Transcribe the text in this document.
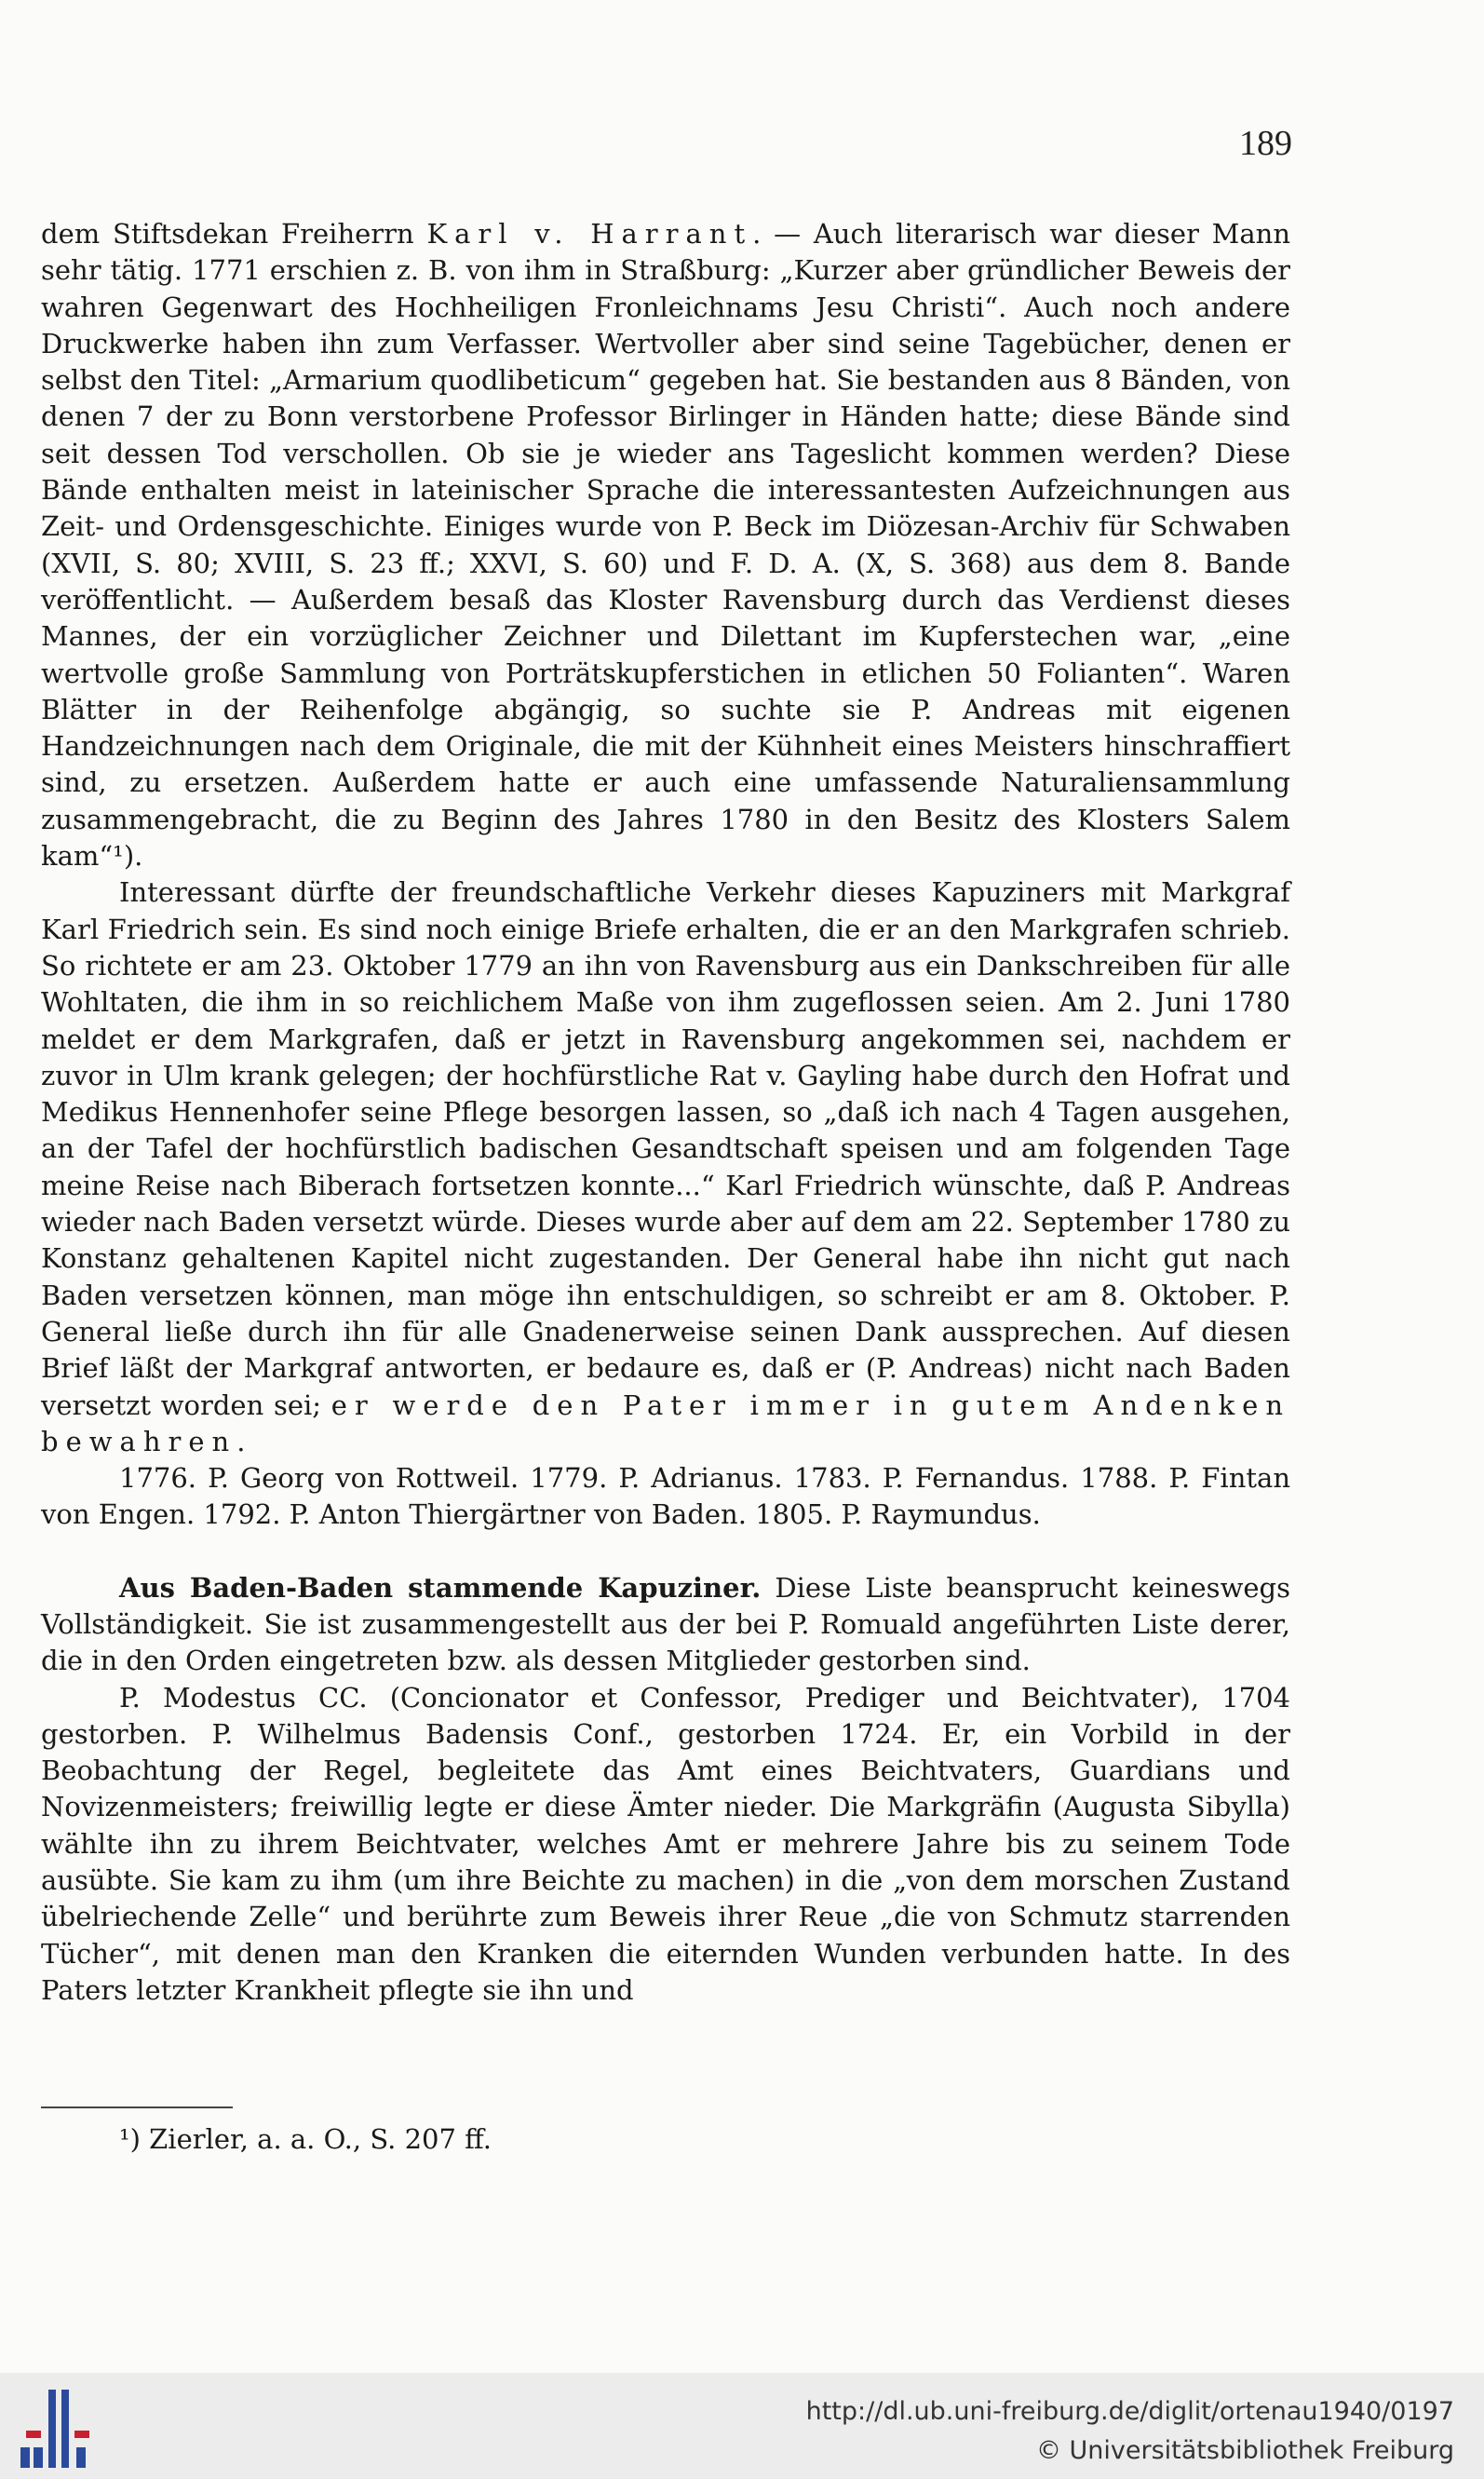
189

dem Stiftsdekan Freiherrn Karl v. Harrant. — Auch literarisch war dieser Mann sehr tätig. 1771 erschien z. B. von ihm in Straßburg: „Kurzer aber gründlicher Beweis der wahren Gegenwart des Hochheiligen Fronleichnams Jesu Christi“. Auch noch andere Druckwerke haben ihn zum Verfasser. Wertvoller aber sind seine Tagebücher, denen er selbst den Titel: „Armarium quodlibeticum“ gegeben hat. Sie bestanden aus 8 Bänden, von denen 7 der zu Bonn verstorbene Professor Birlinger in Händen hatte; diese Bände sind seit dessen Tod verschollen. Ob sie je wieder ans Tageslicht kommen werden? Diese Bände enthalten meist in lateinischer Sprache die interessantesten Aufzeichnungen aus Zeit- und Ordensgeschichte. Einiges wurde von P. Beck im Diözesan-Archiv für Schwaben (XVII, S. 80; XVIII, S. 23 ff.; XXVI, S. 60) und F. D. A. (X, S. 368) aus dem 8. Bande veröffentlicht. — Außerdem besaß das Kloster Ravensburg durch das Verdienst dieses Mannes, der ein vorzüglicher Zeichner und Dilettant im Kupferstechen war, „eine wertvolle große Sammlung von Porträtskupferstichen in etlichen 50 Folianten“. Waren Blätter in der Reihenfolge abgängig, so suchte sie P. Andreas mit eigenen Handzeichnungen nach dem Originale, die mit der Kühnheit eines Meisters hinschraffiert sind, zu ersetzen. Außerdem hatte er auch eine umfassende Naturaliensammlung zusammengebracht, die zu Beginn des Jahres 1780 in den Besitz des Klosters Salem kam“¹).

Interessant dürfte der freundschaftliche Verkehr dieses Kapuziners mit Markgraf Karl Friedrich sein. Es sind noch einige Briefe erhalten, die er an den Markgrafen schrieb. So richtete er am 23. Oktober 1779 an ihn von Ravensburg aus ein Dankschreiben für alle Wohltaten, die ihm in so reichlichem Maße von ihm zugeflossen seien. Am 2. Juni 1780 meldet er dem Markgrafen, daß er jetzt in Ravensburg angekommen sei, nachdem er zuvor in Ulm krank gelegen; der hochfürstliche Rat v. Gayling habe durch den Hofrat und Medikus Hennenhofer seine Pflege besorgen lassen, so „daß ich nach 4 Tagen ausgehen, an der Tafel der hochfürstlich badischen Gesandtschaft speisen und am folgenden Tage meine Reise nach Biberach fortsetzen konnte...“ Karl Friedrich wünschte, daß P. Andreas wieder nach Baden versetzt würde. Dieses wurde aber auf dem am 22. September 1780 zu Konstanz gehaltenen Kapitel nicht zugestanden. Der General habe ihn nicht gut nach Baden versetzen können, man möge ihn entschuldigen, so schreibt er am 8. Oktober. P. General ließe durch ihn für alle Gnadenerweise seinen Dank aussprechen. Auf diesen Brief läßt der Markgraf antworten, er bedaure es, daß er (P. Andreas) nicht nach Baden versetzt worden sei; er werde den Pater immer in gutem Andenken bewahren.

1776. P. Georg von Rottweil. 1779. P. Adrianus. 1783. P. Fernandus. 1788. P. Fintan von Engen. 1792. P. Anton Thiergärtner von Baden. 1805. P. Raymundus.

Aus Baden-Baden stammende Kapuziner. Diese Liste beansprucht keineswegs Vollständigkeit. Sie ist zusammengestellt aus der bei P. Romuald angeführten Liste derer, die in den Orden eingetreten bzw. als dessen Mitglieder gestorben sind.

P. Modestus CC. (Concionator et Confessor, Prediger und Beichtvater), 1704 gestorben. P. Wilhelmus Badensis Conf., gestorben 1724. Er, ein Vorbild in der Beobachtung der Regel, begleitete das Amt eines Beichtvaters, Guardians und Novizenmeisters; freiwillig legte er diese Ämter nieder. Die Markgräfin (Augusta Sibylla) wählte ihn zu ihrem Beichtvater, welches Amt er mehrere Jahre bis zu seinem Tode ausübte. Sie kam zu ihm (um ihre Beichte zu machen) in die „von dem morschen Zustand übelriechende Zelle“ und berührte zum Beweis ihrer Reue „die von Schmutz starrenden Tücher“, mit denen man den Kranken die eiternden Wunden verbunden hatte. In des Paters letzter Krankheit pflegte sie ihn und

¹) Zierler, a. a. O., S. 207 ff.
http://dl.ub.uni-freiburg.de/diglit/ortenau1940/0197
© Universitätsbibliothek Freiburg
